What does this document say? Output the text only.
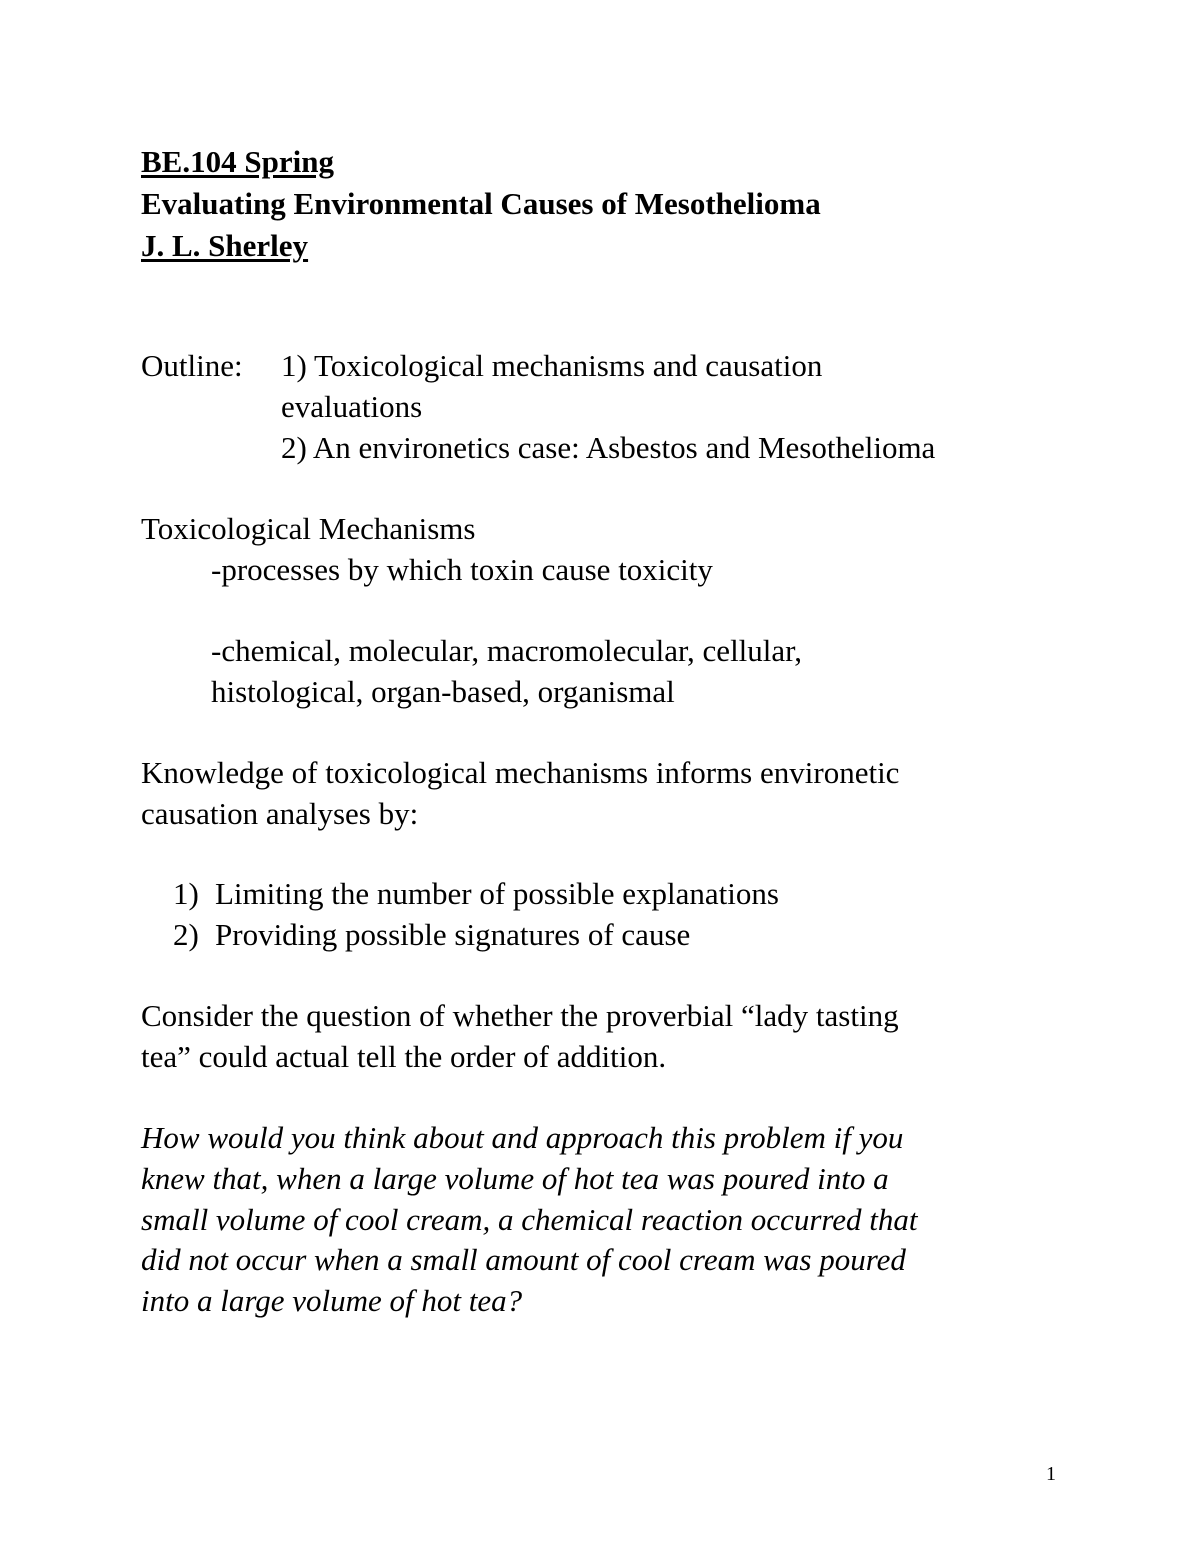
BE.104 Spring
Evaluating Environmental Causes of Mesothelioma
J. L. Sherley
Outline: 1) Toxicological mechanisms and causation
evaluations
2) An environetics case: Asbestos and Mesothelioma
Toxicological Mechanisms
-processes by which toxin cause toxicity
-chemical, molecular, macromolecular, cellular,
histological, organ-based, organismal
Knowledge of toxicological mechanisms informs environetic
causation analyses by:
1) Limiting the number of possible explanations
2) Providing possible signatures of cause
Consider the question of whether the proverbial “lady tasting
tea” could actual tell the order of addition.
How would you think about and approach this problem if you
knew that, when a large volume of hot tea was poured into a
small volume of cool cream, a chemical reaction occurred that
did not occur when a small amount of cool cream was poured
into a large volume of hot tea?
1
